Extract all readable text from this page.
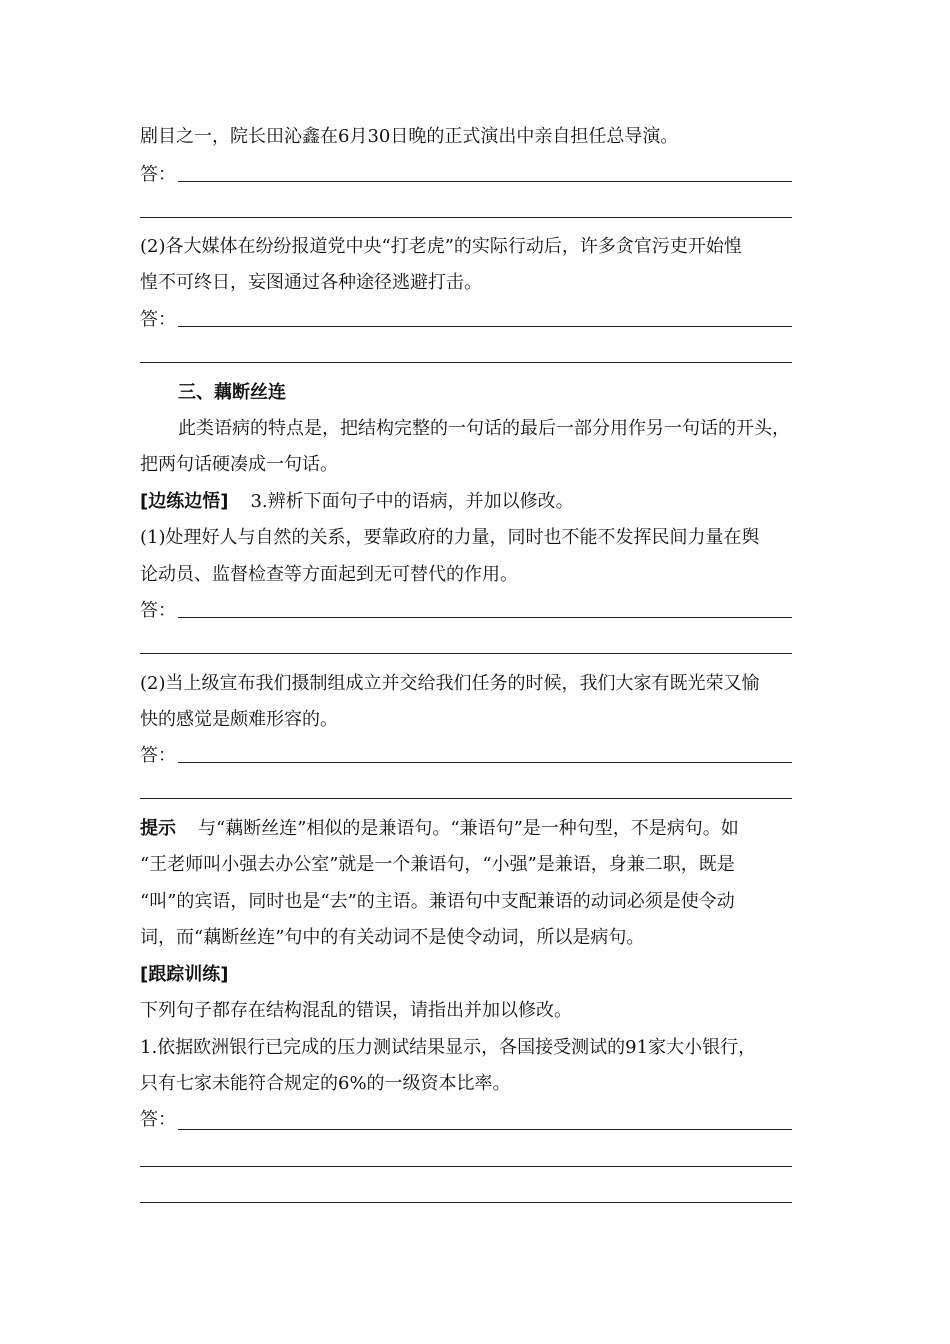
剧目之一，院长田沁鑫在6月30日晚的正式演出中亲自担任总导演。
答：
(2)各大媒体在纷纷报道党中央“打老虎”的实际行动后，许多贪官污吏开始惶
惶不可终日，妄图通过各种途径逃避打击。
答：
三、藕断丝连
此类语病的特点是，把结构完整的一句话的最后一部分用作另一句话的开头，
把两句话硬凑成一句话。
[边练边悟] 3.辨析下面句子中的语病，并加以修改。
(1)处理好人与自然的关系，要靠政府的力量，同时也不能不发挥民间力量在舆
论动员、监督检查等方面起到无可替代的作用。
答：
(2)当上级宣布我们摄制组成立并交给我们任务的时候，我们大家有既光荣又愉
快的感觉是颇难形容的。
答：
提示 与“藕断丝连”相似的是兼语句。“兼语句”是一种句型，不是病句。如
“王老师叫小强去办公室”就是一个兼语句，“小强”是兼语，身兼二职，既是
“叫”的宾语，同时也是“去”的主语。兼语句中支配兼语的动词必须是使令动
词，而“藕断丝连”句中的有关动词不是使令动词，所以是病句。
[跟踪训练]
下列句子都存在结构混乱的错误，请指出并加以修改。
1.依据欧洲银行已完成的压力测试结果显示，各国接受测试的91家大小银行，
只有七家未能符合规定的6%的一级资本比率。
答：
